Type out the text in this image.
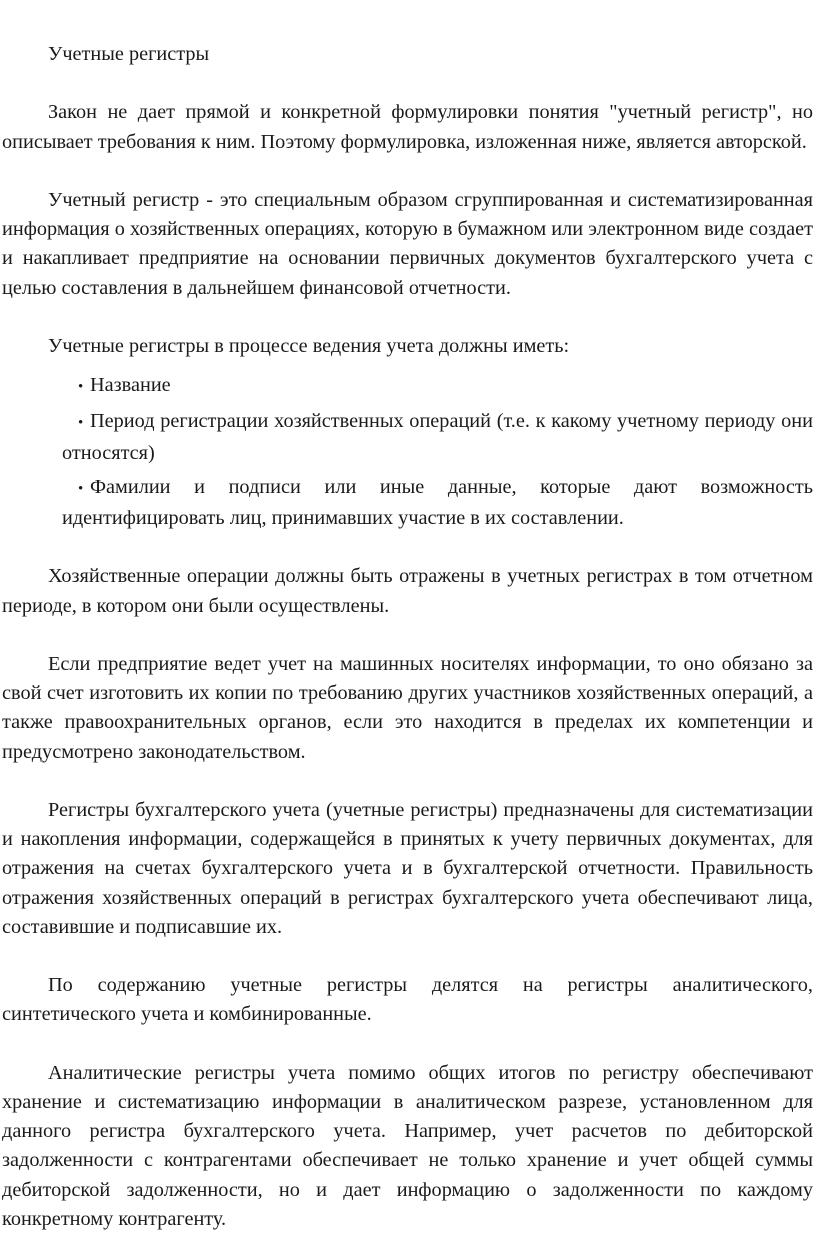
Учетные регистры

Закон не дает прямой и конкретной формулировки понятия "учетный регистр", но описывает требования к ним. Поэтому формулировка, изложенная ниже, является авторской.

Учетный регистр - это специальным образом сгруппированная и систематизированная информация о хозяйственных операциях, которую в бумажном или электронном виде создает и накапливает предприятие на основании первичных документов бухгалтерского учета с целью составления в дальнейшем финансовой отчетности.

Учетные регистры в процессе ведения учета должны иметь:

• Название
• Период регистрации хозяйственных операций (т.е. к какому учетному периоду они относятся)
• Фамилии и подписи или иные данные, которые дают возможность идентифицировать лиц, принимавших участие в их составлении.

Хозяйственные операции должны быть отражены в учетных регистрах в том отчетном периоде, в котором они были осуществлены.

Если предприятие ведет учет на машинных носителях информации, то оно обязано за свой счет изготовить их копии по требованию других участников хозяйственных операций, а также правоохранительных органов, если это находится в пределах их компетенции и предусмотрено законодательством.

Регистры бухгалтерского учета (учетные регистры) предназначены для систематизации и накопления информации, содержащейся в принятых к учету первичных документах, для отражения на счетах бухгалтерского учета и в бухгалтерской отчетности. Правильность отражения хозяйственных операций в регистрах бухгалтерского учета обеспечивают лица, составившие и подписавшие их.

По содержанию учетные регистры делятся на регистры аналитического, синтетического учета и комбинированные.

Аналитические регистры учета помимо общих итогов по регистру обеспечивают хранение и систематизацию информации в аналитическом разрезе, установленном для данного регистра бухгалтерского учета. Например, учет расчетов по дебиторской задолженности с контрагентами обеспечивает не только хранение и учет общей суммы дебиторской задолженности, но и дает информацию о задолженности по каждому конкретному контрагенту.
